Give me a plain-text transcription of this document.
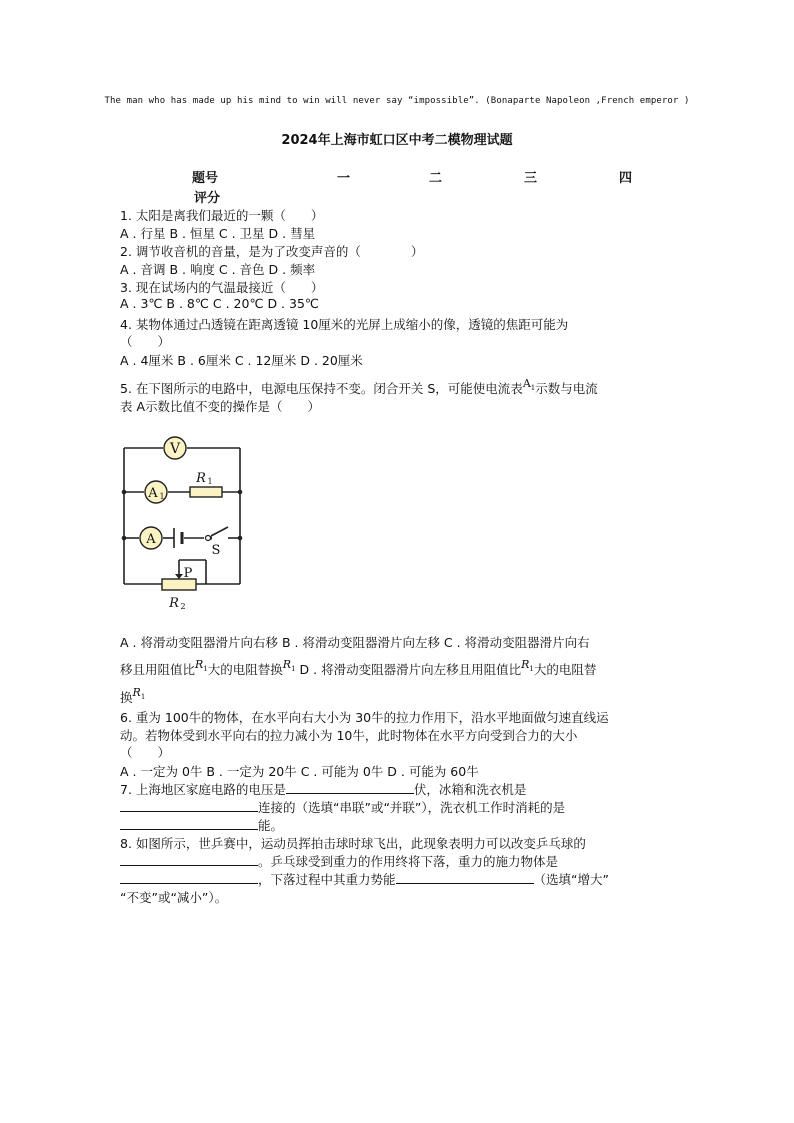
The man who has made up his mind to win will never say “impossible”. (Bonaparte Napoleon ,French emperor )
2024年上海市虹口区中考二模物理试题
题号	一	二	三	四
评分
1. 太阳是离我们最近的一颗（　　）
A . 行星 B . 恒星 C . 卫星 D . 彗星
2. 调节收音机的音量，是为了改变声音的（　　　　）
A . 音调 B . 响度 C . 音色 D . 频率
3. 现在试场内的气温最接近（　　）
A . 3℃ B . 8℃ C . 20℃ D . 35℃
4. 某物体通过凸透镜在距离透镜 10厘米的光屏上成缩小的像，透镜的焦距可能为
（　　）
A . 4厘米 B . 6厘米 C . 12厘米 D . 20厘米
5. 在下图所示的电路中，电源电压保持不变。闭合开关 S，可能使电流表$A_1$示数与电流
表 A示数比值不变的操作是（　　）
V
A 1
R 1
A
S
P
R 2
A . 将滑动变阻器滑片向右移 B . 将滑动变阻器滑片向左移 C . 将滑动变阻器滑片向右
移且用阻值比$R_1$大的电阻替换$R_1$ D . 将滑动变阻器滑片向左移且用阻值比$R_1$大的电阻替
换$R_1$
6. 重为 100牛的物体，在水平向右大小为 30牛的拉力作用下，沿水平地面做匀速直线运
动。若物体受到水平向右的拉力减小为 10牛，此时物体在水平方向受到合力的大小
（　　）
A . 一定为 0牛 B . 一定为 20牛 C . 可能为 0牛 D . 可能为 60牛
7. 上海地区家庭电路的电压是	伏，冰箱和洗衣机是
连接的（选填“串联”或“并联”），洗衣机工作时消耗的是
能。
8. 如图所示，世乒赛中，运动员挥拍击球时球飞出，此现象表明力可以改变乒乓球的
。乒乓球受到重力的作用终将下落，重力的施力物体是
，下落过程中其重力势能	（选填“增大”
“不变”或“减小”）。
